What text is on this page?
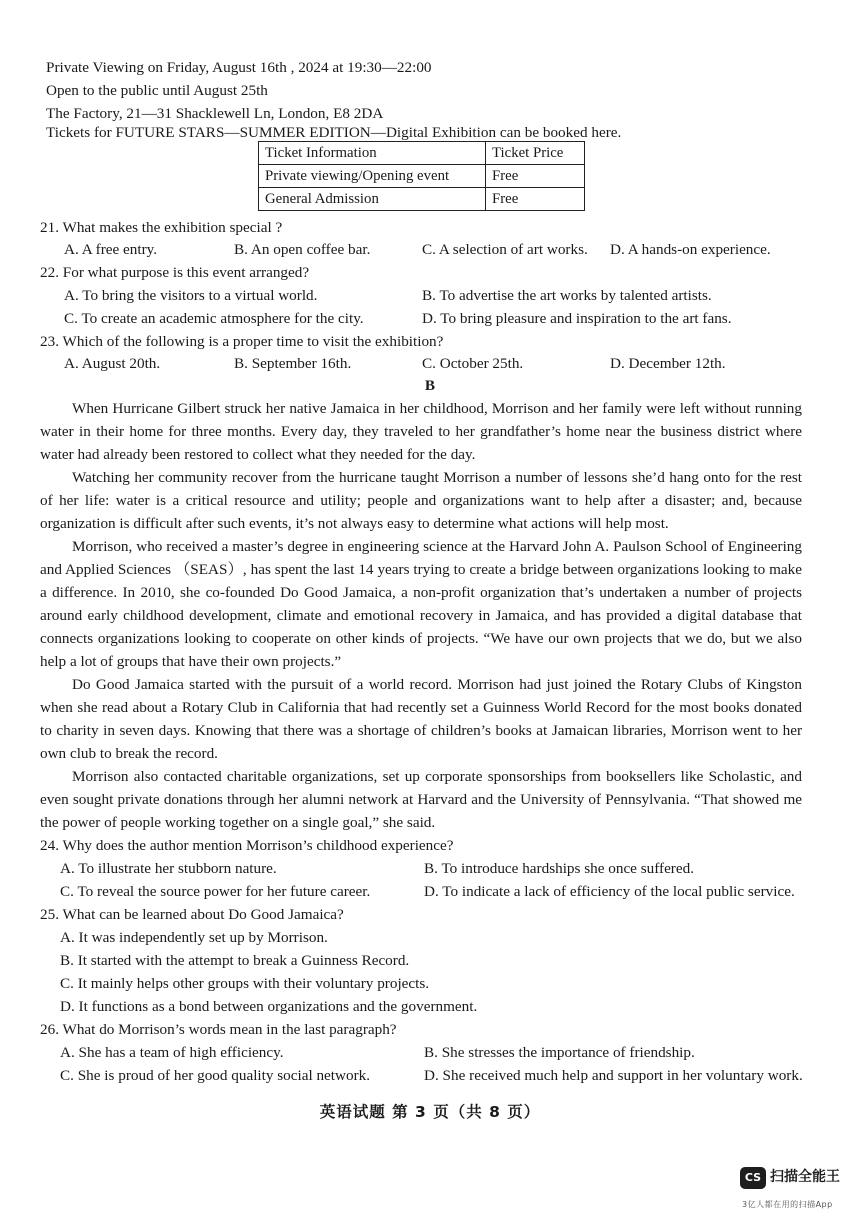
Private Viewing on Friday, August 16th , 2024 at 19:30—22:00
Open to the public until August 25th
The Factory, 21—31 Shacklewell Ln, London, E8 2DA
Tickets for FUTURE STARS—SUMMER EDITION—Digital Exhibition can be booked here.
Ticket Information	Ticket Price
Private viewing/Opening event	Free
General Admission	Free
21. What makes the exhibition special ?
A. A free entry.	B. An open coffee bar.	C. A selection of art works. D. A hands-on experience.
22. For what purpose is this event arranged?
A. To bring the visitors to a virtual world.	B. To advertise the art works by talented artists.
C. To create an academic atmosphere for the city.	D. To bring pleasure and inspiration to the art fans.
23. Which of the following is a proper time to visit the exhibition?
A. August 20th.	B. September 16th.	C. October 25th.	D. December 12th.
B

When Hurricane Gilbert struck her native Jamaica in her childhood, Morrison and her family were left without running water in their home for three months. Every day, they traveled to her grandfather’s home near the business district where water had already been restored to collect what they needed for the day.

Watching her community recover from the hurricane taught Morrison a number of lessons she’d hang onto for the rest of her life: water is a critical resource and utility; people and organizations want to help after a disaster; and, because organization is difficult after such events, it’s not always easy to determine what actions will help most.

Morrison, who received a master’s degree in engineering science at the Harvard John A. Paulson School of Engineering and Applied Sciences （SEAS）, has spent the last 14 years trying to create a bridge between organizations looking to make a difference. In 2010, she co-founded Do Good Jamaica, a non-profit organization that’s undertaken a number of projects around early childhood development, climate and emotional recovery in Jamaica, and has provided a digital database that connects organizations looking to cooperate on other kinds of projects. “We have our own projects that we do, but we also help a lot of groups that have their own projects.”

Do Good Jamaica started with the pursuit of a world record. Morrison had just joined the Rotary Clubs of Kingston when she read about a Rotary Club in California that had recently set a Guinness World Record for the most books donated to charity in seven days. Knowing that there was a shortage of children’s books at Jamaican libraries, Morrison went to her own club to break the record.

Morrison also contacted charitable organizations, set up corporate sponsorships from booksellers like Scholastic, and even sought private donations through her alumni network at Harvard and the University of Pennsylvania. “That showed me the power of people working together on a single goal,” she said.

24. Why does the author mention Morrison’s childhood experience?
A. To illustrate her stubborn nature.	B. To introduce hardships she once suffered.
C. To reveal the source power for her future career.	D. To indicate a lack of efficiency of the local public service.
25. What can be learned about Do Good Jamaica?
A. It was independently set up by Morrison.
B. It started with the attempt to break a Guinness Record.
C. It mainly helps other groups with their voluntary projects.
D. It functions as a bond between organizations and the government.
26. What do Morrison’s words mean in the last paragraph?
A. She has a team of high efficiency.	B. She stresses the importance of friendship.
C. She is proud of her good quality social network.	D. She received much help and support in her voluntary work.
英语试题 第 3 页（共 8 页）
CS 扫描全能王
3亿人都在用的扫描App
